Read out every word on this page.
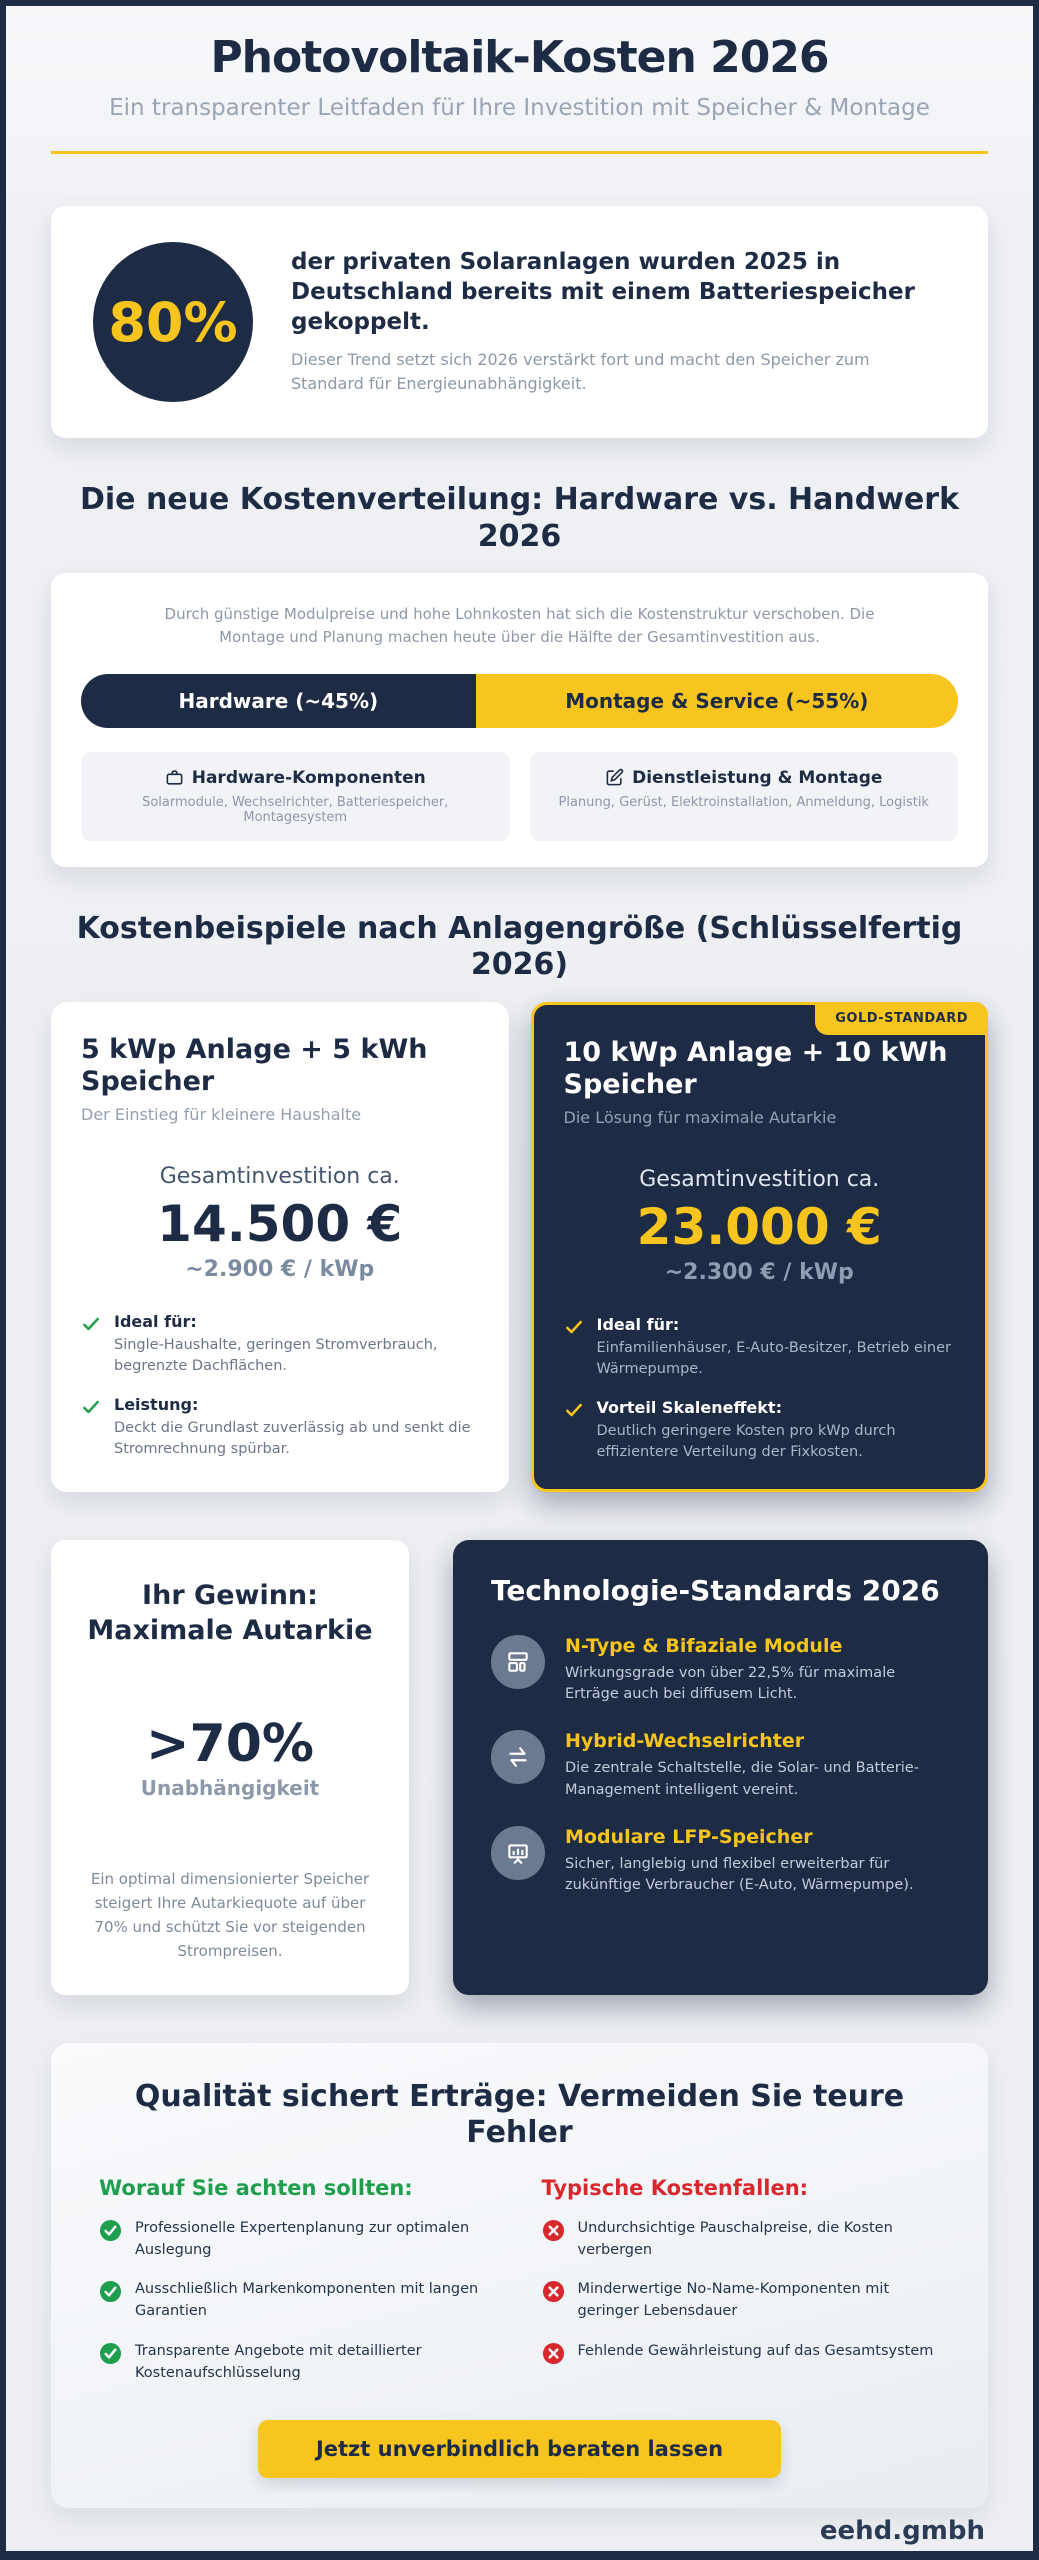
Photovoltaik-Kosten 2026

Ein transparenter Leitfaden für Ihre Investition mit Speicher & Montage

80%
der privaten Solaranlagen wurden 2025 in Deutschland bereits mit einem Batteriespeicher gekoppelt.

Dieser Trend setzt sich 2026 verstärkt fort und macht den Speicher zum Standard für Energieunabhängigkeit.

Die neue Kostenverteilung: Hardware vs. Handwerk 2026

Durch günstige Modulpreise und hohe Lohnkosten hat sich die Kostenstruktur verschoben. Die Montage und Planung machen heute über die Hälfte der Gesamtinvestition aus.

Hardware (~45%)	Montage & Service (~55%)
Hardware-Komponenten

Solarmodule, Wechselrichter, Batteriespeicher, Montagesystem

Dienstleistung & Montage

Planung, Gerüst, Elektroinstallation, Anmeldung, Logistik

Kostenbeispiele nach Anlagengröße (Schlüsselfertig 2026)
5 kWp Anlage + 5 kWh Speicher

Der Einstieg für kleinere Haushalte

Gesamtinvestition ca.
14.500 €
~2.900 € / kWp
Ideal für:
Single-Haushalte, geringen Stromverbrauch, begrenzte Dachflächen.
Leistung:
Deckt die Grundlast zuverlässig ab und senkt die Stromrechnung spürbar.
GOLD-STANDARD
10 kWp Anlage + 10 kWh Speicher

Die Lösung für maximale Autarkie

Gesamtinvestition ca.
23.000 €
~2.300 € / kWp
Ideal für:
Einfamilienhäuser, E-Auto-Besitzer, Betrieb einer Wärmepumpe.
Vorteil Skaleneffekt:
Deutlich geringere Kosten pro kWp durch effizientere Verteilung der Fixkosten.
Ihr Gewinn: Maximale Autarkie
>70%
Unabhängigkeit

Ein optimal dimensionierter Speicher steigert Ihre Autarkiequote auf über 70% und schützt Sie vor steigenden Strompreisen.

Technologie-Standards 2026
N-Type & Bifaziale Module

Wirkungsgrade von über 22,5% für maximale Erträge auch bei diffusem Licht.

Hybrid-Wechselrichter

Die zentrale Schaltstelle, die Solar- und Batterie-Management intelligent vereint.

Modulare LFP-Speicher

Sicher, langlebig und flexibel erweiterbar für zukünftige Verbraucher (E-Auto, Wärmepumpe).

Qualität sichert Erträge: Vermeiden Sie teure Fehler
Worauf Sie achten sollten:
Professionelle Expertenplanung zur optimalen Auslegung
Ausschließlich Markenkomponenten mit langen Garantien
Transparente Angebote mit detaillierter Kostenaufschlüsselung
Typische Kostenfallen:
Undurchsichtige Pauschalpreise, die Kosten verbergen
Minderwertige No-Name-Komponenten mit geringer Lebensdauer
Fehlende Gewährleistung auf das Gesamtsystem
Jetzt unverbindlich beraten lassen
eehd.gmbh
